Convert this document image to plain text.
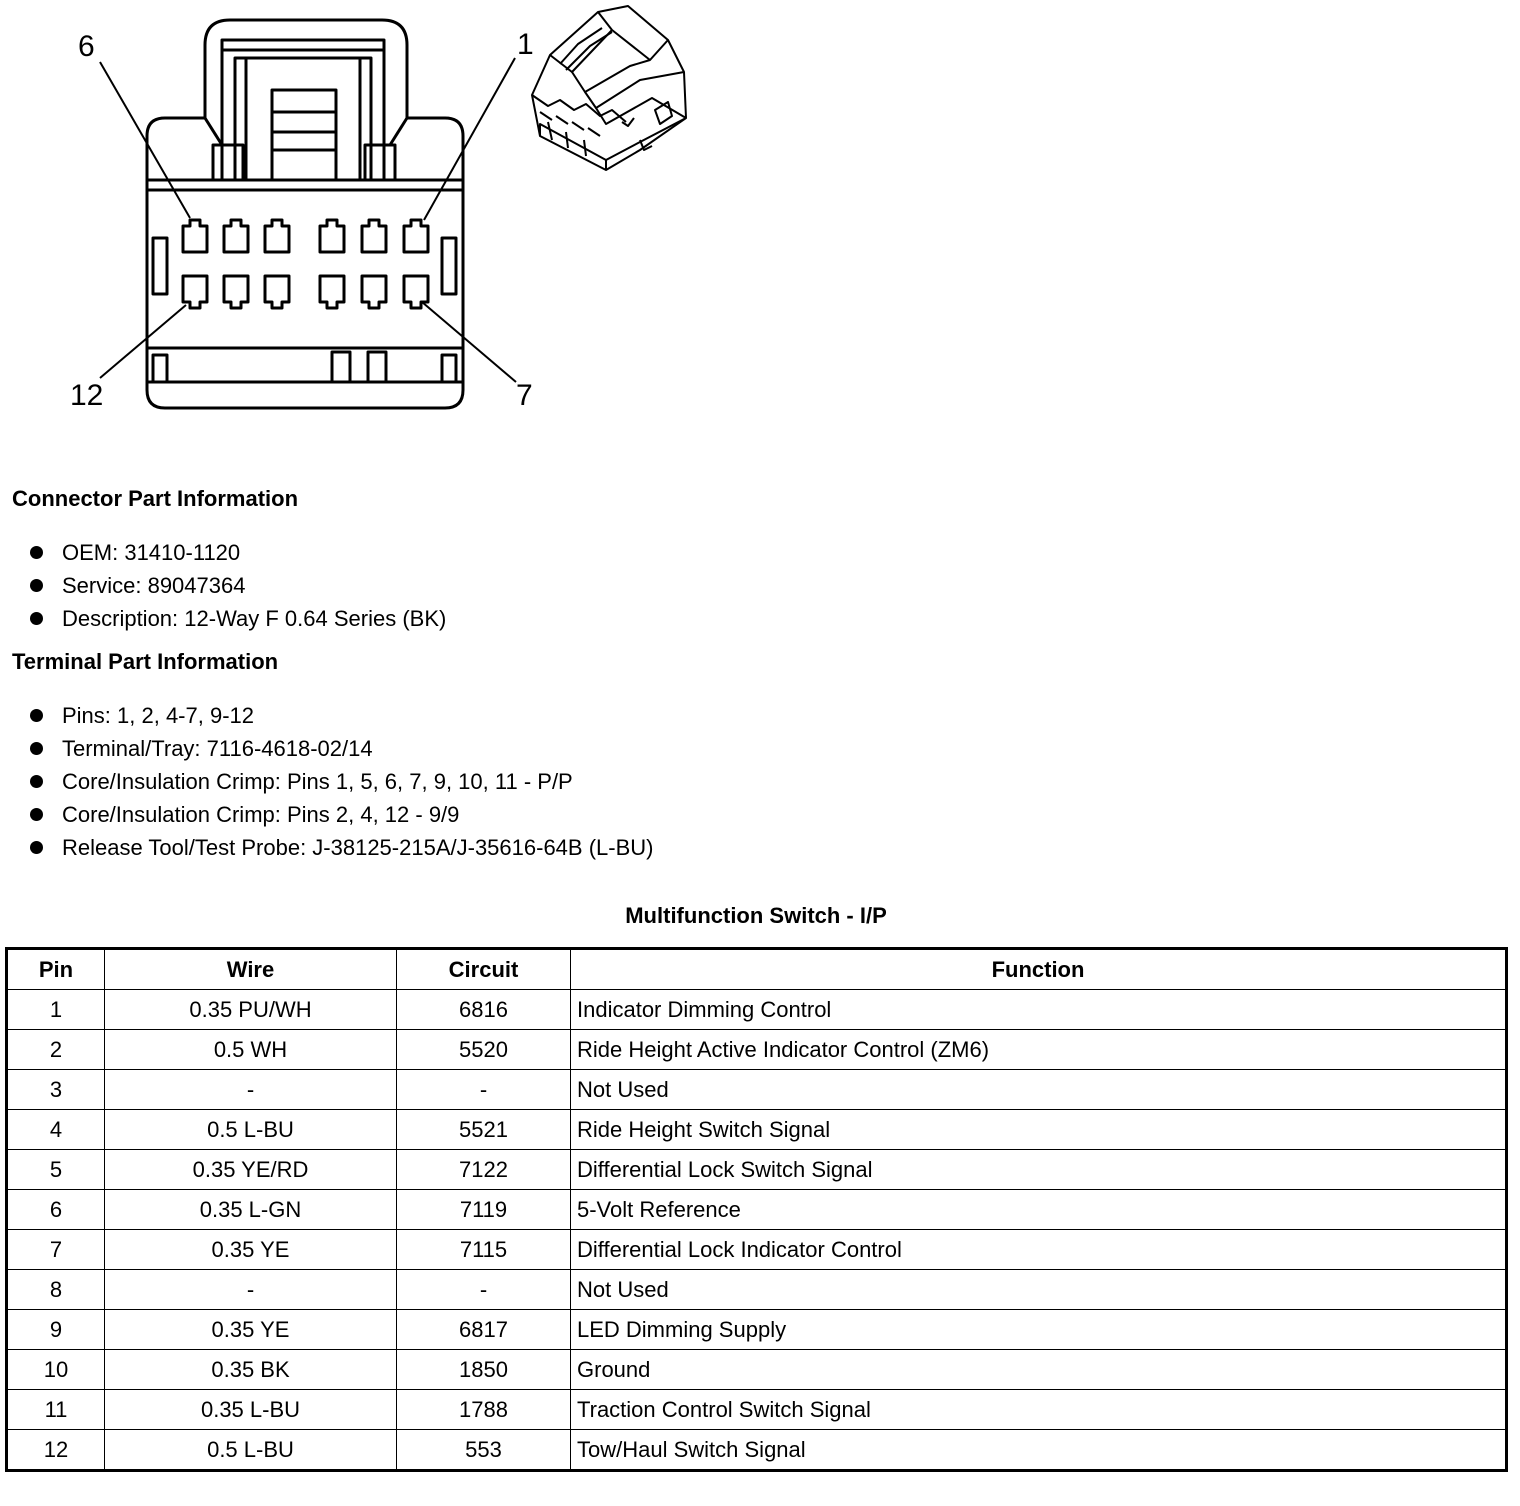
6	1
12	7
Connector Part Information
OEM: 31410-1120
Service: 89047364
Description: 12-Way F 0.64 Series (BK)
Terminal Part Information
Pins: 1, 2, 4-7, 9-12
Terminal/Tray: 7116-4618-02/14
Core/Insulation Crimp: Pins 1, 5, 6, 7, 9, 10, 11 - P/P
Core/Insulation Crimp: Pins 2, 4, 12 - 9/9
Release Tool/Test Probe: J-38125-215A/J-35616-64B (L-BU)
Multifunction Switch - I/P
Pin	Wire	Circuit	Function
1	0.35 PU/WH	6816	Indicator Dimming Control
2	0.5 WH	5520	Ride Height Active Indicator Control (ZM6)
3	-	-	Not Used
4	0.5 L-BU	5521	Ride Height Switch Signal
5	0.35 YE/RD	7122	Differential Lock Switch Signal
6	0.35 L-GN	7119	5-Volt Reference
7	0.35 YE	7115	Differential Lock Indicator Control
8	-	-	Not Used
9	0.35 YE	6817	LED Dimming Supply
10	0.35 BK	1850	Ground
11	0.35 L-BU	1788	Traction Control Switch Signal
12	0.5 L-BU	553	Tow/Haul Switch Signal
